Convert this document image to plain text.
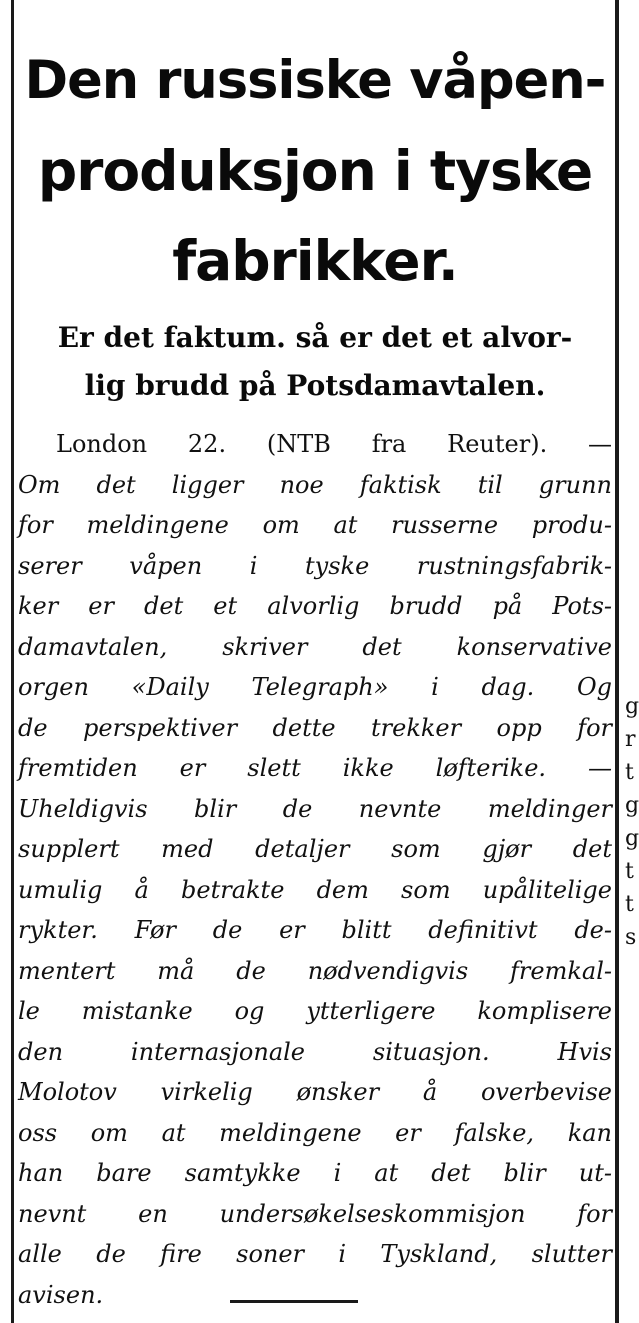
Den russiske våpen-
produksjon i tyske
fabrikker.
Er det faktum. så er det et alvor-
lig brudd på Potsdamavtalen.
London 22. (NTB fra Reuter). —
Om det ligger noe faktisk til grunn
for meldingene om at russerne produ-
serer våpen i tyske rustningsfabrik-
ker er det et alvorlig brudd på Pots-
damavtalen, skriver det konservative
orgen «Daily Telegraph» i dag. Og
de perspektiver dette trekker opp for
fremtiden er slett ikke løfterike. —
Uheldigvis blir de nevnte meldinger
supplert med detaljer som gjør det
umulig å betrakte dem som upålitelige
rykter. Før de er blitt definitivt de-
mentert må de nødvendigvis fremkal-
le mistanke og ytterligere komplisere
den internasjonale situasjon. Hvis
Molotov virkelig ønsker å overbevise
oss om at meldingene er falske, kan
han bare samtykke i at det blir ut-
nevnt en undersøkelseskommisjon for
alle de fire soner i Tyskland, slutter
avisen.
g
r
t
g
g
t
t
s
